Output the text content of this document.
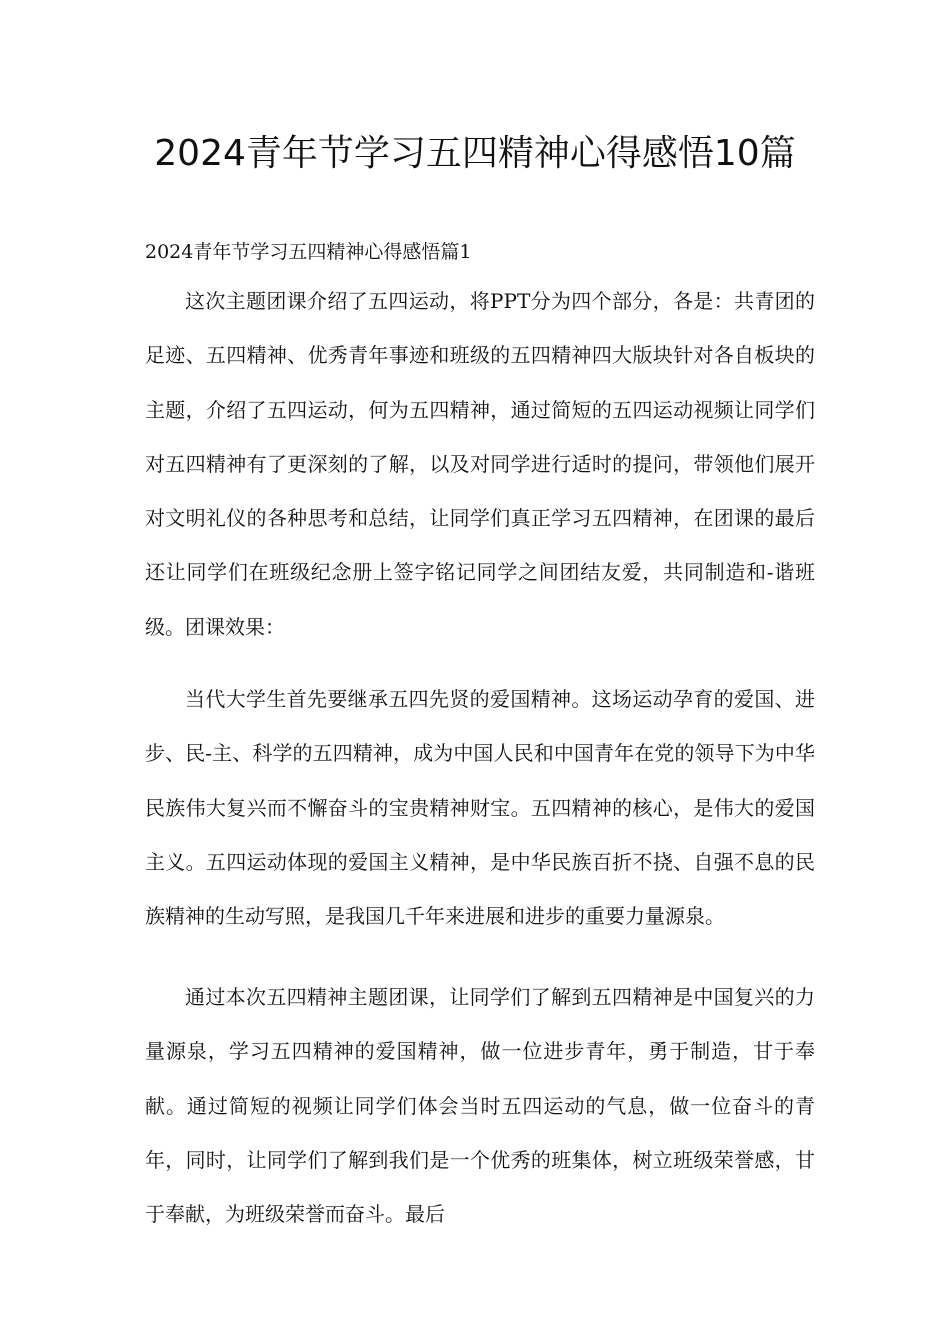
2024青年节学习五四精神心得感悟10篇

2024青年节学习五四精神心得感悟篇1

这次主题团课介绍了五四运动，将PPT分为四个部分，各是：共青团的足迹、五四精神、优秀青年事迹和班级的五四精神四大版块针对各自板块的主题，介绍了五四运动，何为五四精神，通过简短的五四运动视频让同学们对五四精神有了更深刻的了解，以及对同学进行适时的提问，带领他们展开对文明礼仪的各种思考和总结，让同学们真正学习五四精神，在团课的最后还让同学们在班级纪念册上签字铭记同学之间团结友爱，共同制造和-谐班级。团课效果：

当代大学生首先要继承五四先贤的爱国精神。这场运动孕育的爱国、进步、民-主、科学的五四精神，成为中国人民和中国青年在党的领导下为中华民族伟大复兴而不懈奋斗的宝贵精神财宝。五四精神的核心，是伟大的爱国主义。五四运动体现的爱国主义精神，是中华民族百折不挠、自强不息的民族精神的生动写照，是我国几千年来进展和进步的重要力量源泉。

通过本次五四精神主题团课，让同学们了解到五四精神是中国复兴的力量源泉，学习五四精神的爱国精神，做一位进步青年，勇于制造，甘于奉献。通过简短的视频让同学们体会当时五四运动的气息，做一位奋斗的青年，同时，让同学们了解到我们是一个优秀的班集体，树立班级荣誉感，甘于奉献，为班级荣誉而奋斗。最后
